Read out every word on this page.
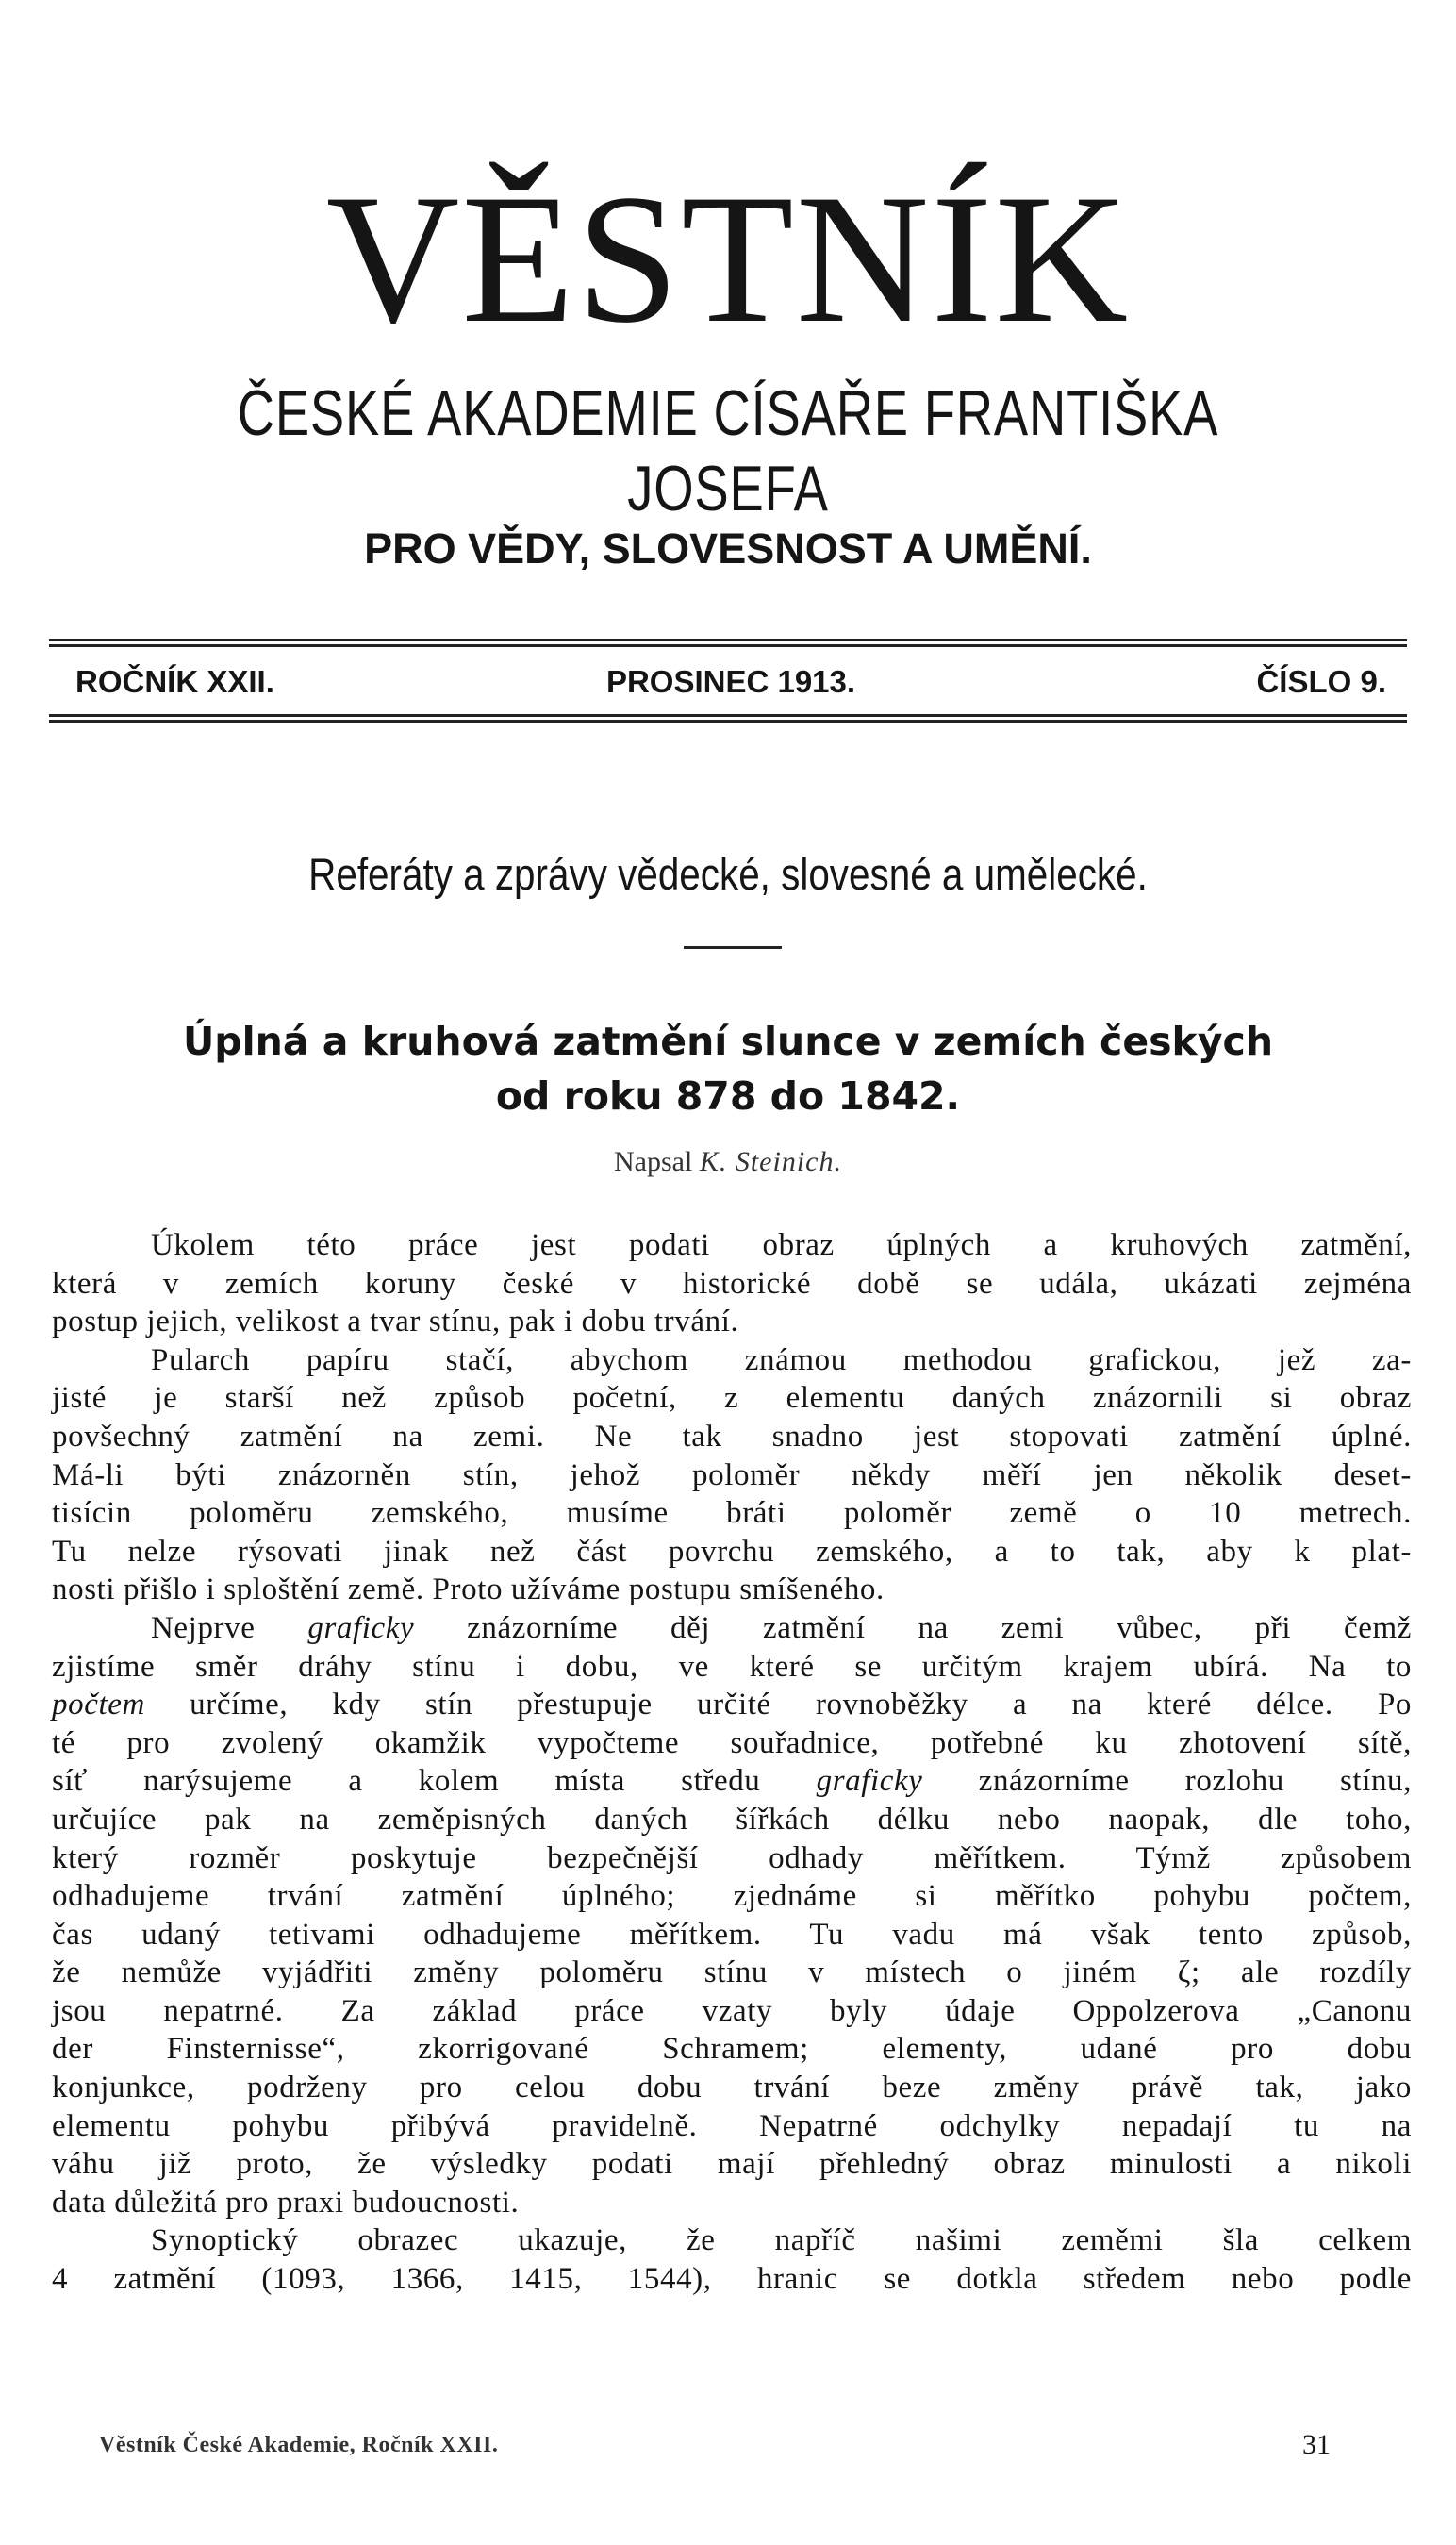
VĚSTNÍK
ČESKÉ AKADEMIE CÍSAŘE FRANTIŠKA JOSEFA
PRO VĚDY, SLOVESNOST A UMĚNÍ.
ROČNÍK XXII.	PROSINEC 1913.	ČÍSLO 9.
Referáty a zprávy vědecké, slovesné a umělecké.
Úplná a kruhová zatmění slunce v zemích českých
od roku 878 do 1842.
Napsal K. Steinich.
Úkolem této práce jest podati obraz úplných a kruhových zatmění,
která v zemích koruny české v historické době se udála, ukázati zejména
postup jejich, velikost a tvar stínu, pak i dobu trvání.
Pularch papíru stačí, abychom známou methodou grafickou, jež za-
jisté je starší než způsob početní, z elementu daných znázornili si obraz
povšechný zatmění na zemi. Ne tak snadno jest stopovati zatmění úplné.
Má-li býti znázorněn stín, jehož poloměr někdy měří jen několik deset-
tisícin poloměru zemského, musíme bráti poloměr země o 10 metrech.
Tu nelze rýsovati jinak než část povrchu zemského, a to tak, aby k plat-
nosti přišlo i sploštění země. Proto užíváme postupu smíšeného.
Nejprve graficky znázorníme děj zatmění na zemi vůbec, při čemž
zjistíme směr dráhy stínu i dobu, ve které se určitým krajem ubírá. Na to
počtem určíme, kdy stín přestupuje určité rovnoběžky a na které délce. Po
té pro zvolený okamžik vypočteme souřadnice, potřebné ku zhotovení sítě,
síť narýsujeme a kolem místa středu graficky znázorníme rozlohu stínu,
určujíce pak na zeměpisných daných šířkách délku nebo naopak, dle toho,
který rozměr poskytuje bezpečnější odhady měřítkem. Týmž způsobem
odhadujeme trvání zatmění úplného; zjednáme si měřítko pohybu počtem,
čas udaný tetivami odhadujeme měřítkem. Tu vadu má však tento způsob,
že nemůže vyjádřiti změny poloměru stínu v místech o jiném ζ; ale rozdíly
jsou nepatrné. Za základ práce vzaty byly údaje Oppolzerova „Canonu
der Finsternisse“, zkorrigované Schramem; elementy, udané pro dobu
konjunkce, podrženy pro celou dobu trvání beze změny právě tak, jako
elementu pohybu přibývá pravidelně. Nepatrné odchylky nepadají tu na
váhu již proto, že výsledky podati mají přehledný obraz minulosti a nikoli
data důležitá pro praxi budoucnosti.
Synoptický obrazec ukazuje, že napříč našimi zeměmi šla celkem
4 zatmění (1093, 1366, 1415, 1544), hranic se dotkla středem nebo podle
Věstník České Akademie, Ročník XXII.	31
